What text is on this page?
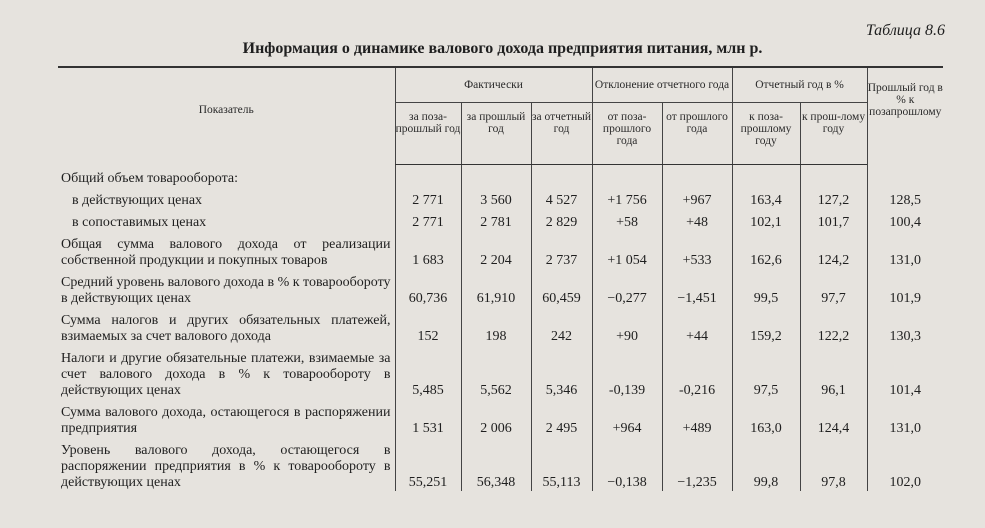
Таблица 8.6
Информация о динамике валового дохода предприятия питания, млн р.
Показатель	Фактически			Отклонение отчетного года		Отчетный год в %		Прошлый год в % к позапрошлому
	за поза-прошлый год	за прошлый год	за отчетный год	от поза-прошлого года	от прошлого года	к поза-прошлому году	к прош-лому году	
Общий объем товарооборота:								
в действующих ценах	2 771	3 560	4 527	+1 756	+967	163,4	127,2	128,5
в сопоставимых ценах	2 771	2 781	2 829	+58	+48	102,1	101,7	100,4
Общая сумма валового дохода от реализации собственной продукции и покупных товаров	1 683	2 204	2 737	+1 054	+533	162,6	124,2	131,0
Средний уровень валового дохода в % к товарообороту в действующих ценах	60,736	61,910	60,459	−0,277	−1,451	99,5	97,7	101,9
Сумма налогов и других обязательных платежей, взимаемых за счет валового дохода	152	198	242	+90	+44	159,2	122,2	130,3
Налоги и другие обязательные платежи, взимаемые за счет валового дохода в % к товарообороту в действующих ценах	5,485	5,562	5,346	-0,139	-0,216	97,5	96,1	101,4
Сумма валового дохода, остающегося в распоряжении предприятия	1 531	2 006	2 495	+964	+489	163,0	124,4	131,0
Уровень валового дохода, остающегося в распоряжении предприятия в % к товарообороту в действующих ценах	55,251	56,348	55,113	−0,138	−1,235	99,8	97,8	102,0
